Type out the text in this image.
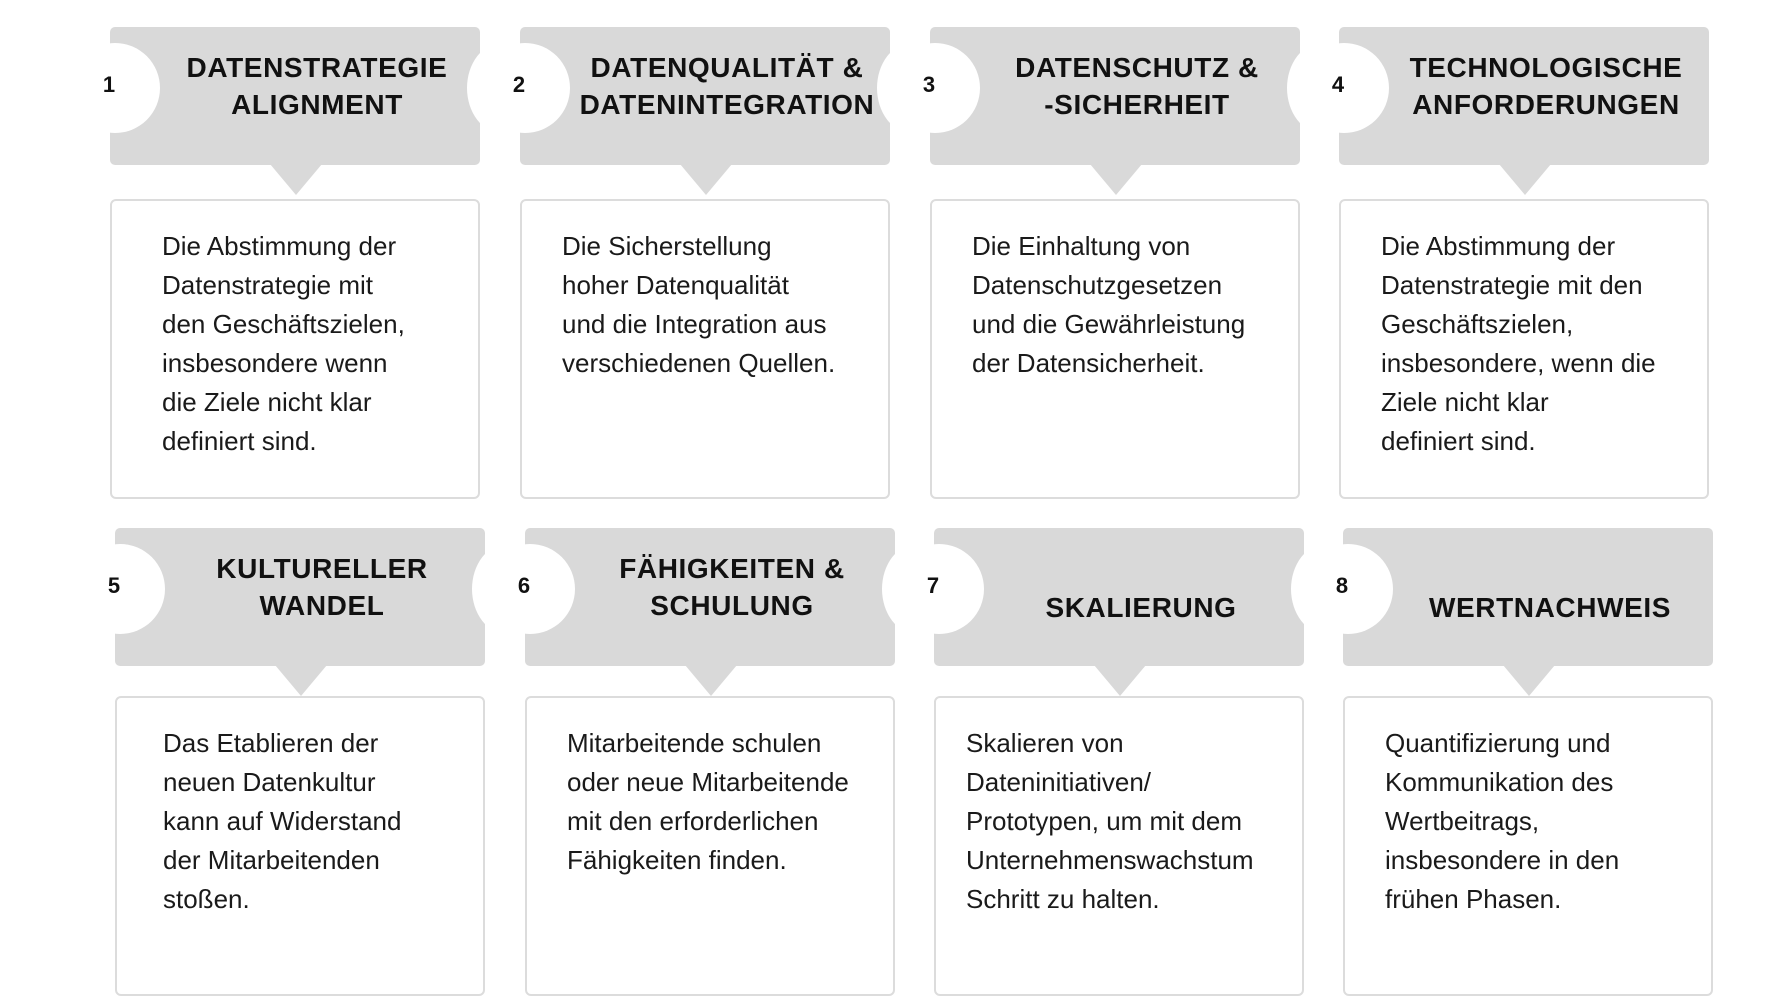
1
DATENSTRATEGIE
ALIGNMENT
Die Abstimmung der
Datenstrategie mit
den Geschäftszielen,
insbesondere wenn
die Ziele nicht klar
definiert sind.
2
DATENQUALITÄT &
DATENINTEGRATION
Die Sicherstellung
hoher Datenqualität
und die Integration aus
verschiedenen Quellen.
3
DATENSCHUTZ &
-SICHERHEIT
Die Einhaltung von
Datenschutzgesetzen
und die Gewährleistung
der Datensicherheit.
4
TECHNOLOGISCHE
ANFORDERUNGEN
Die Abstimmung der
Datenstrategie mit den
Geschäftszielen,
insbesondere, wenn die
Ziele nicht klar
definiert sind.
5
KULTURELLER
WANDEL
Das Etablieren der
neuen Datenkultur
kann auf Widerstand
der Mitarbeitenden
stoßen.
6
FÄHIGKEITEN &
SCHULUNG
Mitarbeitende schulen
oder neue Mitarbeitende
mit den erforderlichen
Fähigkeiten finden.
7
SKALIERUNG
Skalieren von
Dateninitiativen/
Prototypen, um mit dem
Unternehmenswachstum
Schritt zu halten.
8
WERTNACHWEIS
Quantifizierung und
Kommunikation des
Wertbeitrags,
insbesondere in den
frühen Phasen.
